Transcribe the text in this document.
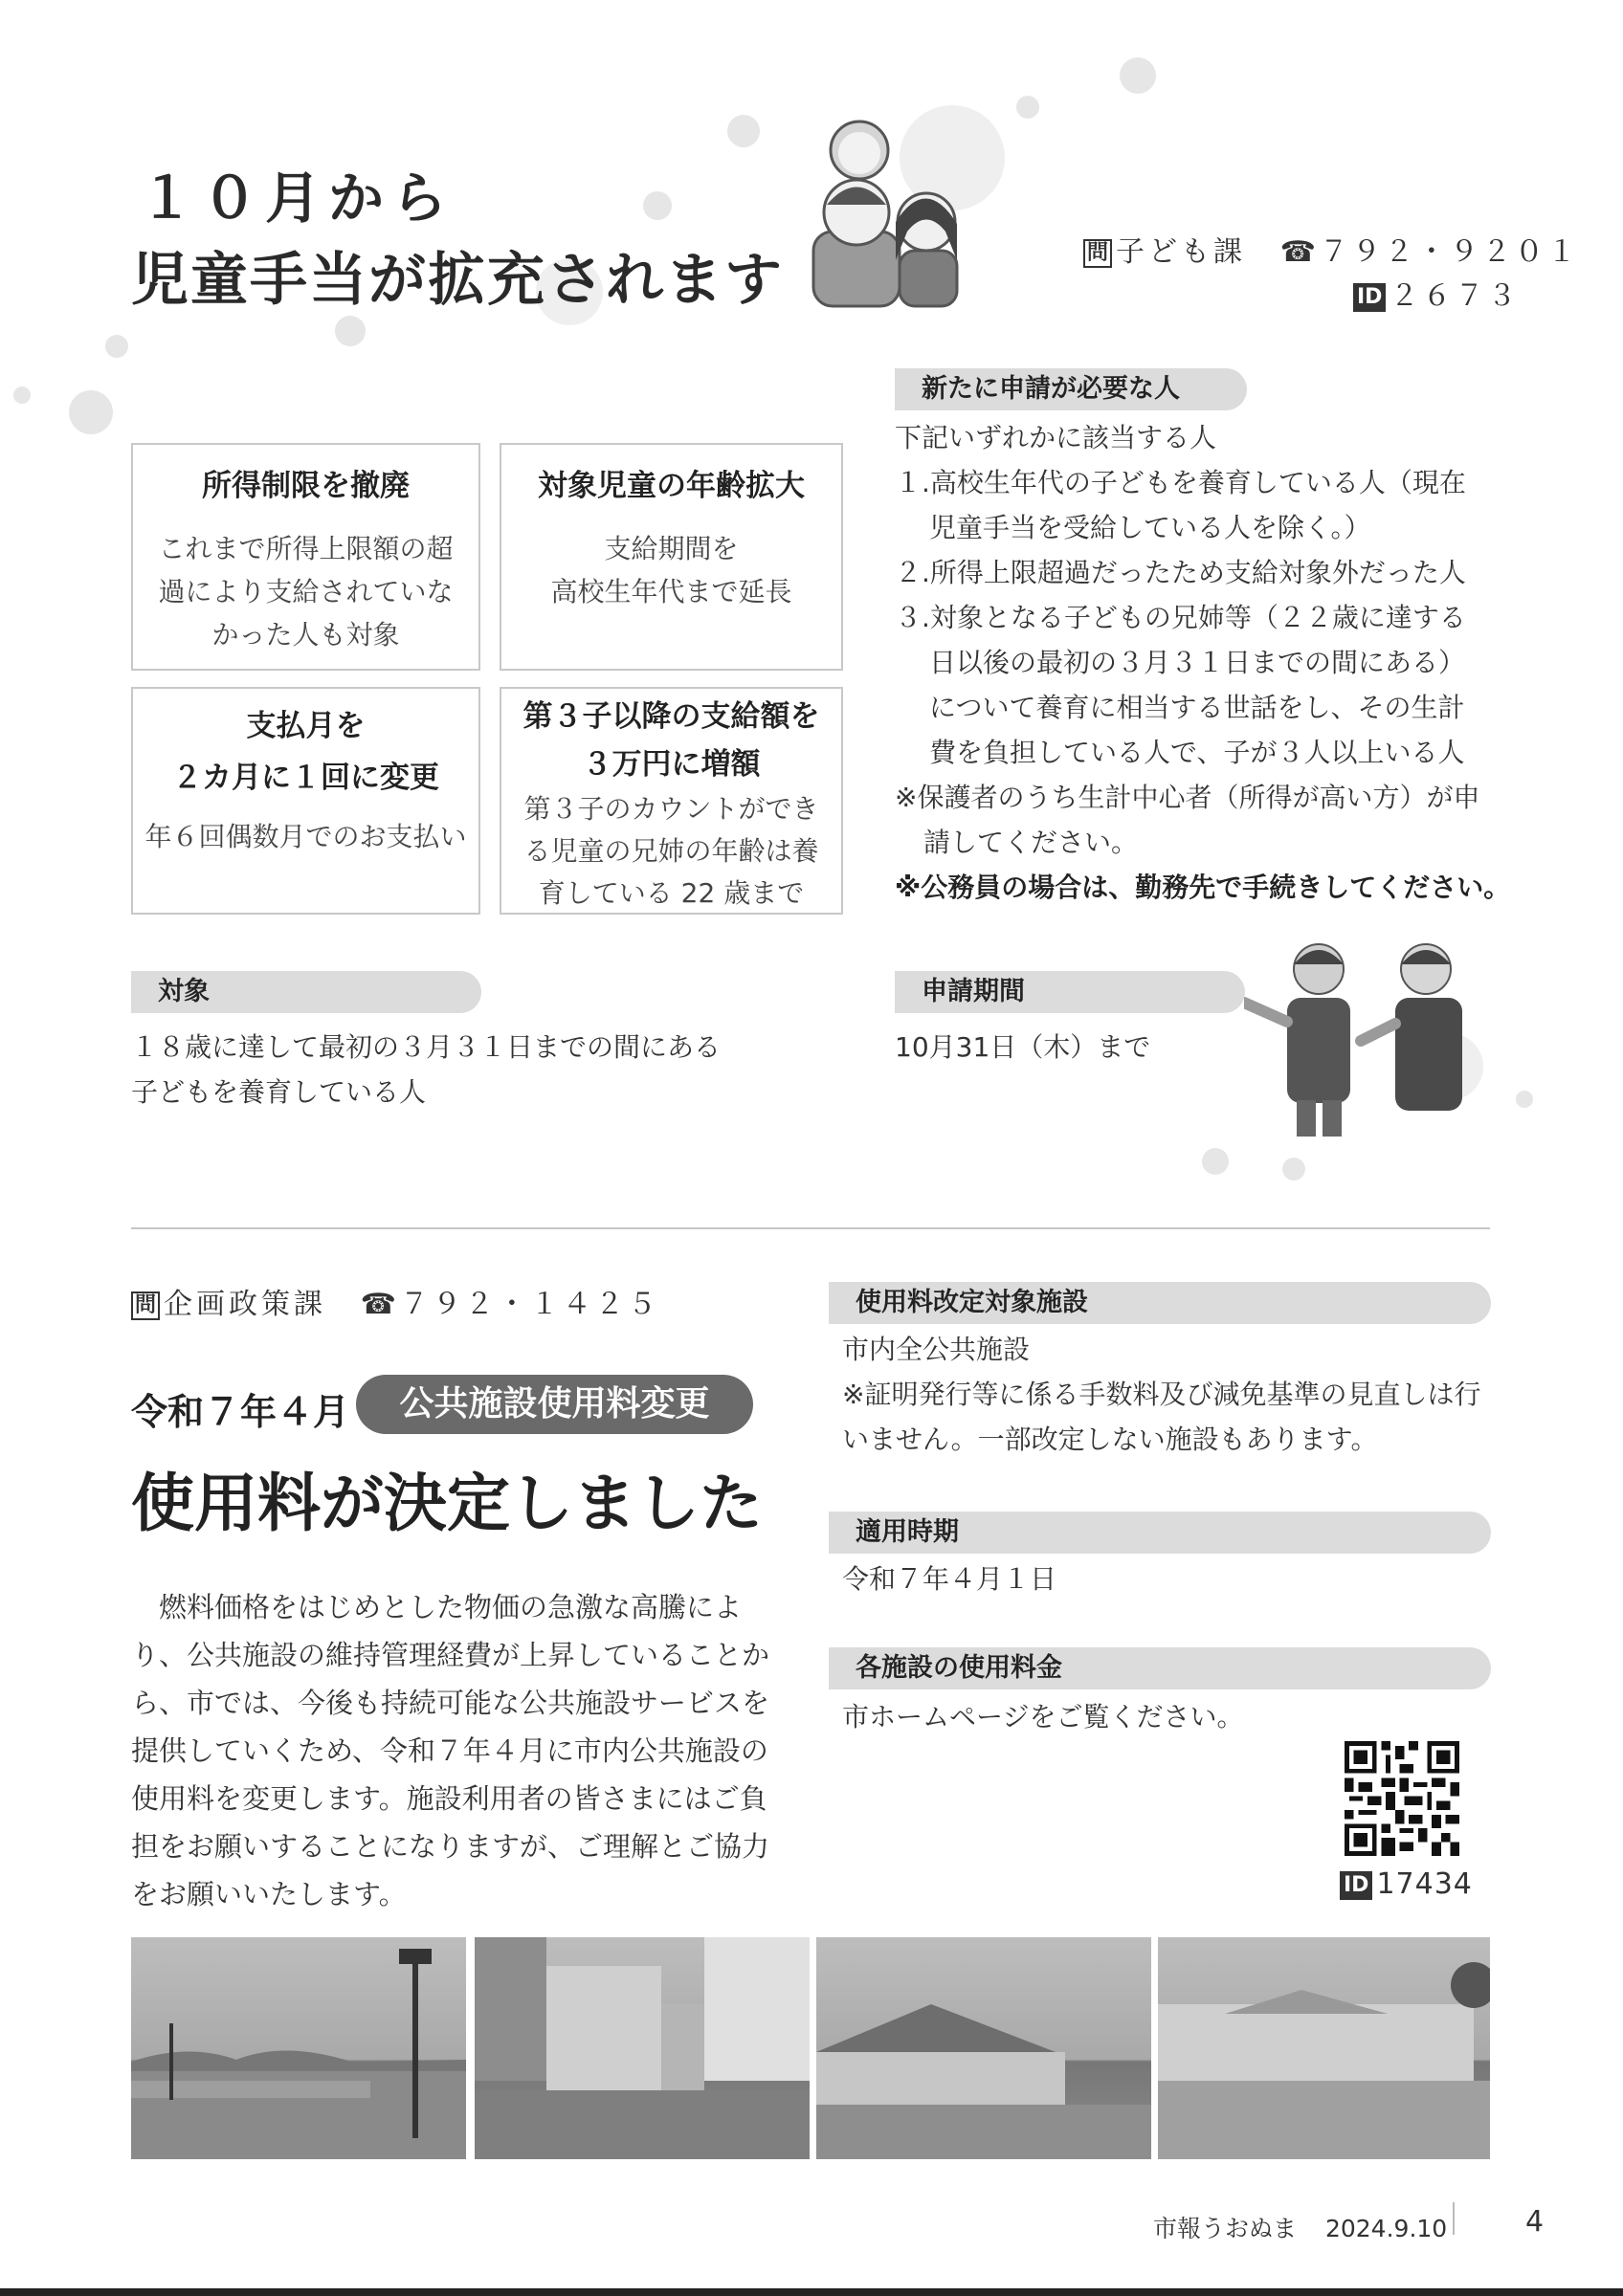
１０月から
児童手当が拡充されます	問 子ども課 ☎７９２・９２０１
ID ２６７３
所得制限を撤廃
これまで所得上限額の超
過により支給されていな
かった人も対象
対象児童の年齢拡大
支給期間を
高校生年代まで延長
支払月を
２カ月に１回に変更
年６回偶数月でのお支払い
第３子以降の支給額を
３万円に増額
第３子のカウントができ
る児童の兄姉の年齢は養
育している 22 歳まで
新たに申請が必要な人
下記いずれかに該当する人
１.高校生年代の子どもを養育している人（現在
児童手当を受給している人を除く。）
２.所得上限超過だったため支給対象外だった人
３.対象となる子どもの兄姉等（２２歳に達する
日以後の最初の３月３１日までの間にある）
について養育に相当する世話をし、その生計
費を負担している人で、子が３人以上いる人
※保護者のうち生計中心者（所得が高い方）が申
請してください。
※公務員の場合は、勤務先で手続きしてください。
対象
１８歳に達して最初の３月３１日までの間にある
子どもを養育している人
申請期間
10月31日（木）まで
問 企画政策課 ☎７９２・１４２５
令和７年４月	公共施設使用料変更
使用料が決定しました
燃料価格をはじめとした物価の急激な高騰により、公共施設の維持管理経費が上昇していることから、市では、今後も持続可能な公共施設サービスを提供していくため、令和７年４月に市内公共施設の使用料を変更します。施設利用者の皆さまにはご負担をお願いすることになりますが、ご理解とご協力をお願いいたします。
使用料改定対象施設
市内全公共施設
※証明発行等に係る手数料及び減免基準の見直しは行
いません。一部改定しない施設もあります。
適用時期
令和７年４月１日
各施設の使用料金
市ホームページをご覧ください。
ID 17434
市報うおぬま 2024.9.10	4
